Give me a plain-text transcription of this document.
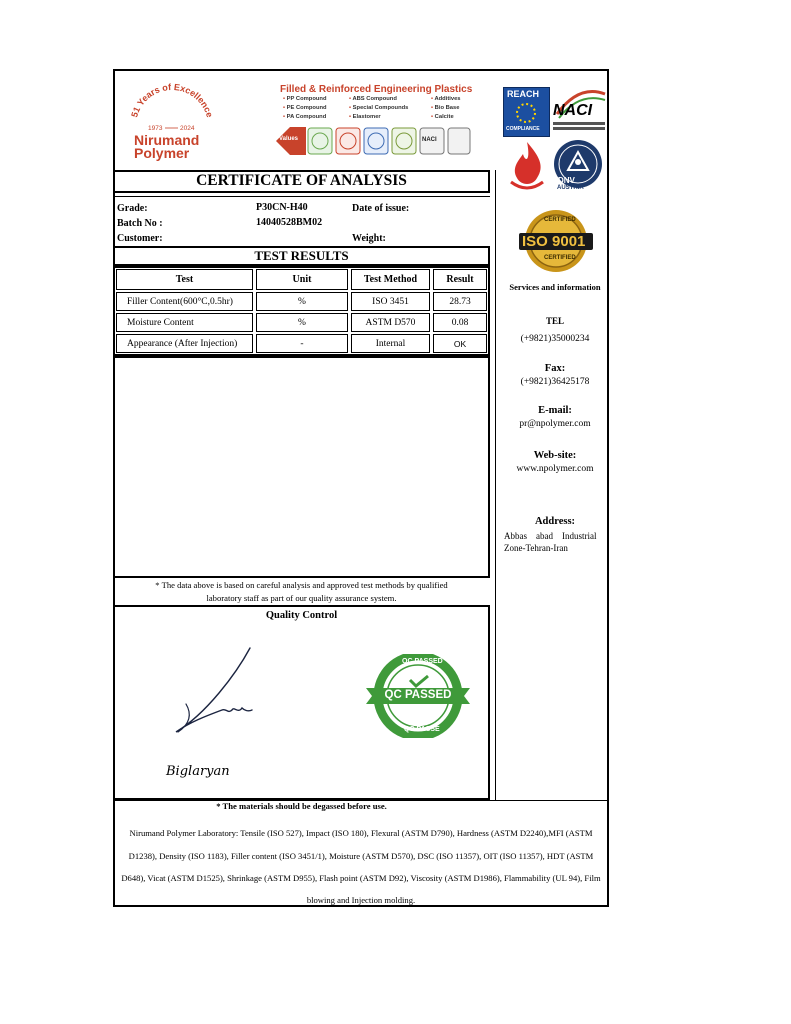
51 Years of Excellence
1973	2024
Nirumand
Polymer
Filled & Reinforced Engineering Plastics
• PP Compound	• ABS Compound	• Additives
• PE Compound	• Special Compounds	• Bio Base
• PA Compound	• Elastomer	• Calcite
Values	NACI
REACH
COMPLIANCE
NACI
DNV
AUSTRIA
CERTIFIED
ISO 9001
CERTIFIED
CERTIFICATE OF ANALYSIS
Grade:	P30CN-H40	Date of issue:
Batch No :	14040528BM02
Customer:	Weight:
TEST RESULTS
Test	Unit	Test Method	Result
Filler Content(600°C,0.5hr)	%	ISO 3451	28.73
Moisture Content	%	ASTM D570	0.08
Appearance (After Injection)	-	Internal	OK
* The data above is based on careful analysis and approved test methods by qualified
laboratory staff as part of our quality assurance system.
Quality Control
Biglaryan
QC PASSED
QC PASSED
QC PASSE
* The materials should be degassed before use.
Nirumand Polymer Laboratory: Tensile (ISO 527), Impact (ISO 180), Flexural (ASTM D790), Hardness (ASTM D2240),MFI (ASTM
D1238), Density (ISO 1183), Filler content (ISO 3451/1), Moisture (ASTM D570), DSC (ISO 11357), OIT (ISO 11357), HDT (ASTM
D648), Vicat (ASTM D1525), Shrinkage (ASTM D955), Flash point (ASTM D92), Viscosity (ASTM D1986), Flammability (UL 94), Film
blowing and Injection molding.
Services and information
TEL
(+9821)35000234
Fax:
(+9821)36425178
E-mail:
pr@npolymer.com
Web-site:
www.npolymer.com
Address:
Abbas    abad    Industrial
Zone-Tehran-Iran
